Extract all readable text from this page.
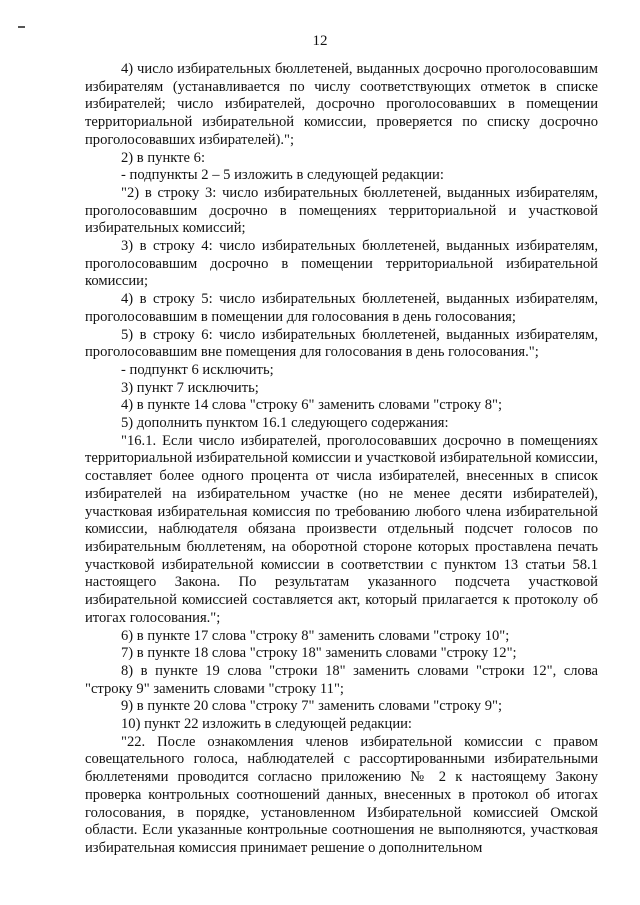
12

4) число избирательных бюллетеней, выданных досрочно проголосовавшим избирателям (устанавливается по числу соответствующих отметок в списке избирателей; число избирателей, досрочно проголосовавших в помещении территориальной избирательной комиссии, проверяется по списку досрочно проголосовавших избирателей).";

2) в пункте 6:

- подпункты 2 – 5 изложить в следующей редакции:

"2) в строку 3: число избирательных бюллетеней, выданных избирателям, проголосовавшим досрочно в помещениях территориальной и участковой избирательных комиссий;

3) в строку 4: число избирательных бюллетеней, выданных избирателям, проголосовавшим досрочно в помещении территориальной избирательной комиссии;

4) в строку 5: число избирательных бюллетеней, выданных избирателям, проголосовавшим в помещении для голосования в день голосования;

5) в строку 6: число избирательных бюллетеней, выданных избирателям, проголосовавшим вне помещения для голосования в день голосования.";

- подпункт 6 исключить;

3) пункт 7 исключить;

4) в пункте 14 слова "строку 6" заменить словами "строку 8";

5) дополнить пунктом 16.1 следующего содержания:

"16.1. Если число избирателей, проголосовавших досрочно в помещениях территориальной избирательной комиссии и участковой избирательной комиссии, составляет более одного процента от числа избирателей, внесенных в список избирателей на избирательном участке (но не менее десяти избирателей), участковая избирательная комиссия по требованию любого члена избирательной комиссии, наблюдателя обязана произвести отдельный подсчет голосов по избирательным бюллетеням, на оборотной стороне которых проставлена печать участковой избирательной комиссии в соответствии с пунктом 13 статьи 58.1 настоящего Закона. По результатам указанного подсчета участковой избирательной комиссией составляется акт, который прилагается к протоколу об итогах голосования.";

6) в пункте 17 слова "строку 8" заменить словами "строку 10";

7) в пункте 18 слова "строку 18" заменить словами "строку 12";

8) в пункте 19 слова "строки 18" заменить словами "строки 12", слова "строку 9" заменить словами "строку 11";

9) в пункте 20 слова "строку 7" заменить словами "строку 9";

10) пункт 22 изложить в следующей редакции:

"22. После ознакомления членов избирательной комиссии с правом совещательного голоса, наблюдателей с рассортированными избирательными бюллетенями проводится согласно приложению № 2 к настоящему Закону проверка контрольных соотношений данных, внесенных в протокол об итогах голосования, в порядке, установленном Избирательной комиссией Омской области. Если указанные контрольные соотношения не выполняются, участковая избирательная комиссия принимает решение о дополнительном
